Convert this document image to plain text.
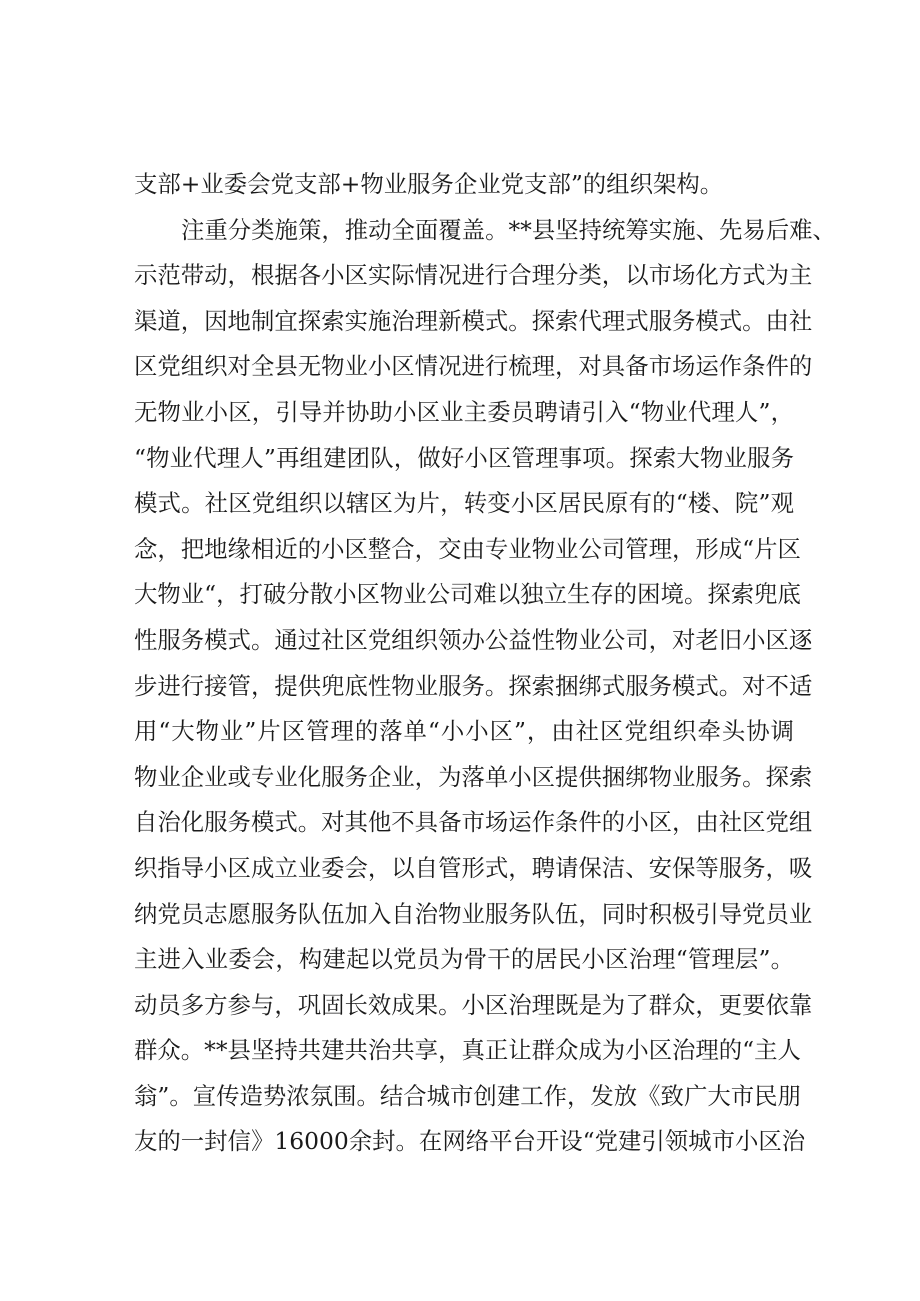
支部+业委会党支部+物业服务企业党支部”的组织架构。
注重分类施策，推动全面覆盖。**县坚持统筹实施、先易后难、
示范带动，根据各小区实际情况进行合理分类，以市场化方式为主
渠道，因地制宜探索实施治理新模式。探索代理式服务模式。由社
区党组织对全县无物业小区情况进行梳理，对具备市场运作条件的
无物业小区，引导并协助小区业主委员聘请引入“物业代理人”，
“物业代理人”再组建团队，做好小区管理事项。探索大物业服务
模式。社区党组织以辖区为片，转变小区居民原有的“楼、院”观
念，把地缘相近的小区整合，交由专业物业公司管理，形成“片区
大物业“，打破分散小区物业公司难以独立生存的困境。探索兜底
性服务模式。通过社区党组织领办公益性物业公司，对老旧小区逐
步进行接管，提供兜底性物业服务。探索捆绑式服务模式。对不适
用“大物业”片区管理的落单“小小区”，由社区党组织牵头协调
物业企业或专业化服务企业，为落单小区提供捆绑物业服务。探索
自治化服务模式。对其他不具备市场运作条件的小区，由社区党组
织指导小区成立业委会，以自管形式，聘请保洁、安保等服务，吸
纳党员志愿服务队伍加入自治物业服务队伍，同时积极引导党员业
主进入业委会，构建起以党员为骨干的居民小区治理“管理层”。
动员多方参与，巩固长效成果。小区治理既是为了群众，更要依靠
群众。**县坚持共建共治共享，真正让群众成为小区治理的“主人
翁”。宣传造势浓氛围。结合城市创建工作，发放《致广大市民朋
友的一封信》16000余封。在网络平台开设“党建引领城市小区治
